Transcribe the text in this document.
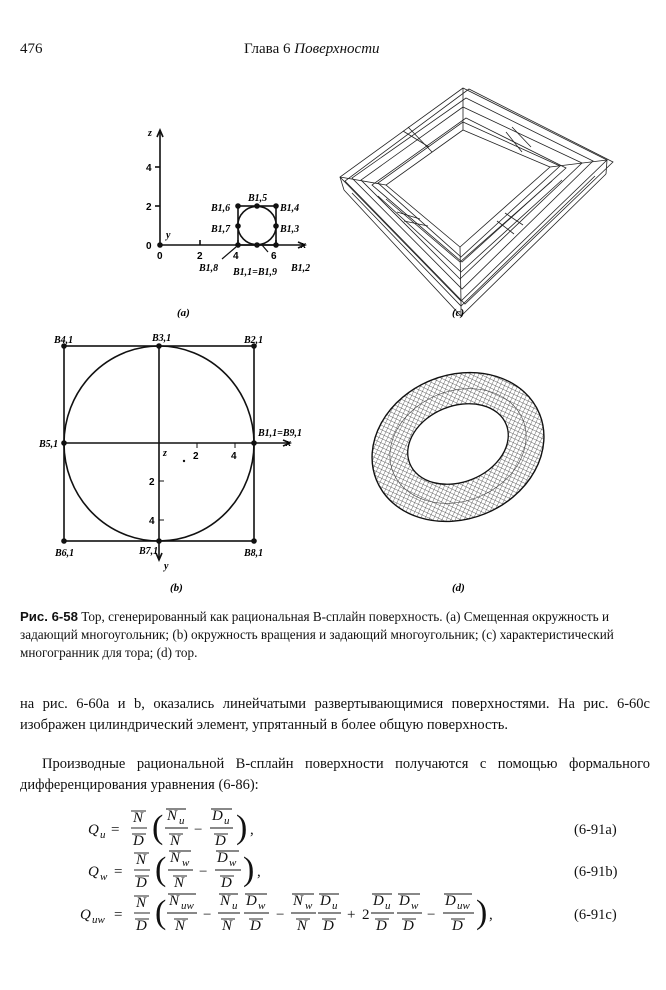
476	Глава 6 Поверхности
z
y
x
4
2
0
0	2	4	6
B1,5
B1,6	B1,4
B1,7	B1,3
B1,8 B1,1=B1,9 B1,2
(a)	(c)
B4,1	B3,1	B2,1
B5,1
B1,1=B9,1
B6,1	B7,1	B8,1
x
y
z	2	4
2
4
(b)	(d)
Рис. 6-58 Тор, сгенерированный как рациональная B-сплайн поверхность. (a) Смещенная окружность и задающий многоугольник; (b) окружность вращения и задающий многоугольник; (c) характеристический многогранник для тора; (d) тор.
на рис. 6-60a и b, оказались линейчатыми развертывающимися поверхностями. На рис. 6-60c изображен цилиндрический элемент, упрятанный в более общую поверхность.
Производные рациональной B-сплайн поверхности получаются с помощью формального дифференцирования уравнения (6-86):
Q u =
N
D ( N u
N
−
D u
D ) ,	(6-91a)
Q w =
N
D ( N w
N
−
D w
D ) ,	(6-91b)
Q uw =
N
D ( N uw
N
−
N u
N
D w
D
−
N w
N
D u
D
+ 2
D u
D
D w
D
−
D uw
D ) ,	(6-91c)
